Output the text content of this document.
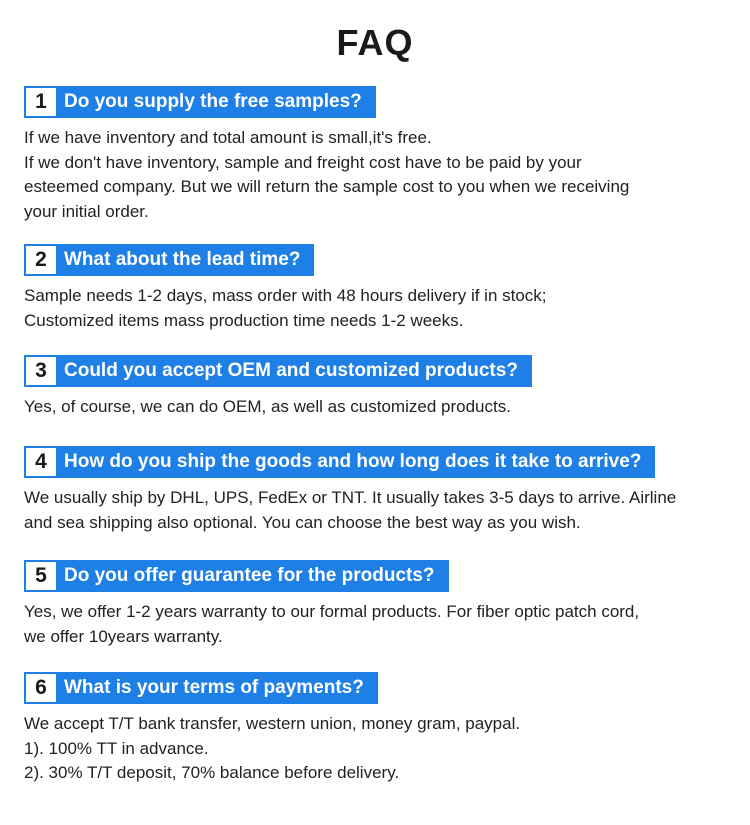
FAQ
1 Do you supply the free samples?
If we have inventory and total amount is small,it's free.
If we don't have inventory, sample and freight cost have to be paid by your
esteemed company. But we will return the sample cost to you when we receiving
your initial order.
2 What about the lead time?
Sample needs 1-2 days, mass order with 48 hours delivery if in stock;
Customized items mass production time needs 1-2 weeks.
3 Could you accept OEM and customized products?
Yes, of course, we can do OEM, as well as customized products.
4 How do you ship the goods and how long does it take to arrive?
We usually ship by DHL, UPS, FedEx or TNT. It usually takes 3-5 days to arrive. Airline
and sea shipping also optional. You can choose the best way as you wish.
5 Do you offer guarantee for the products?
Yes, we offer 1-2 years warranty to our formal products. For fiber optic patch cord,
we offer 10years warranty.
6 What is your terms of payments?
We accept T/T bank transfer, western union, money gram, paypal.
1). 100% TT in advance.
2). 30% T/T deposit, 70% balance before delivery.
